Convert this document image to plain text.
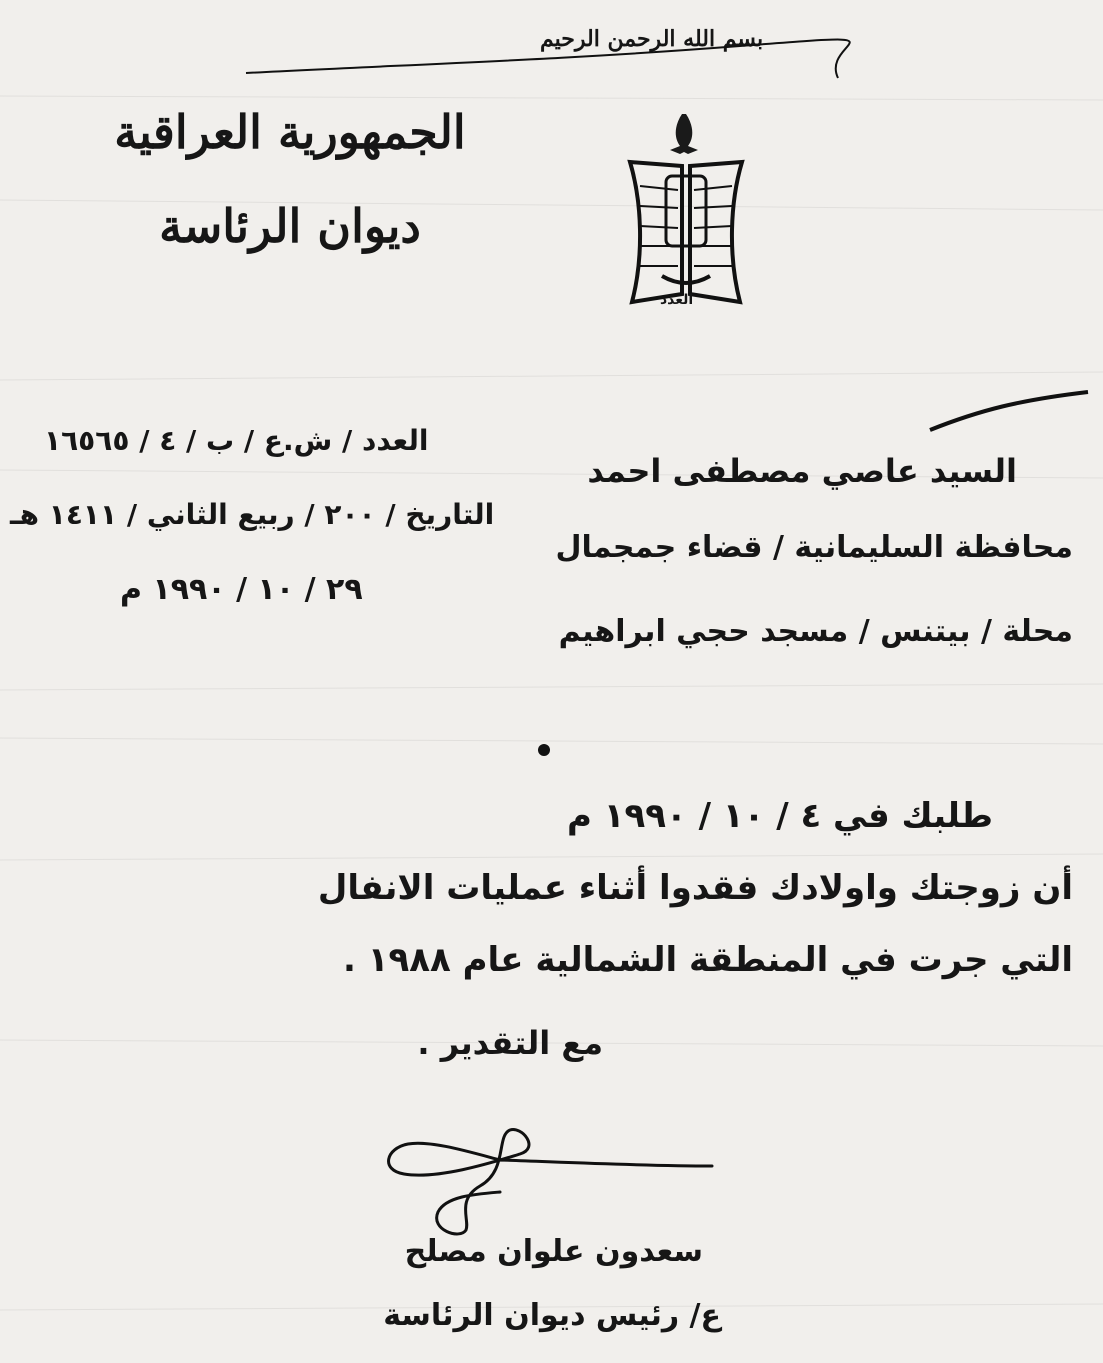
بسم الله الرحمن الرحيم
الجمهورية العراقية
ديوان الرئاسة
العدد
العدد / ش.ع / ب / ٤ / ١٦٥٦٥
التاريخ / ٢٠٠ / ربيع الثاني / ١٤١١ هـ
٢٩ / ١٠ / ١٩٩٠ م
السيد عاصي مصطفى احمد
محافظة السليمانية / قضاء جمجمال
محلة / بيتنس / مسجد حجي ابراهيم
طلبك في ٤ / ١٠ / ١٩٩٠ م
أن زوجتك واولادك فقدوا أثناء عمليات الانفال
التي جرت في المنطقة الشمالية عام ١٩٨٨ .
مع التقدير .
سعدون علوان مصلح
ع/ رئيس ديوان الرئاسة
